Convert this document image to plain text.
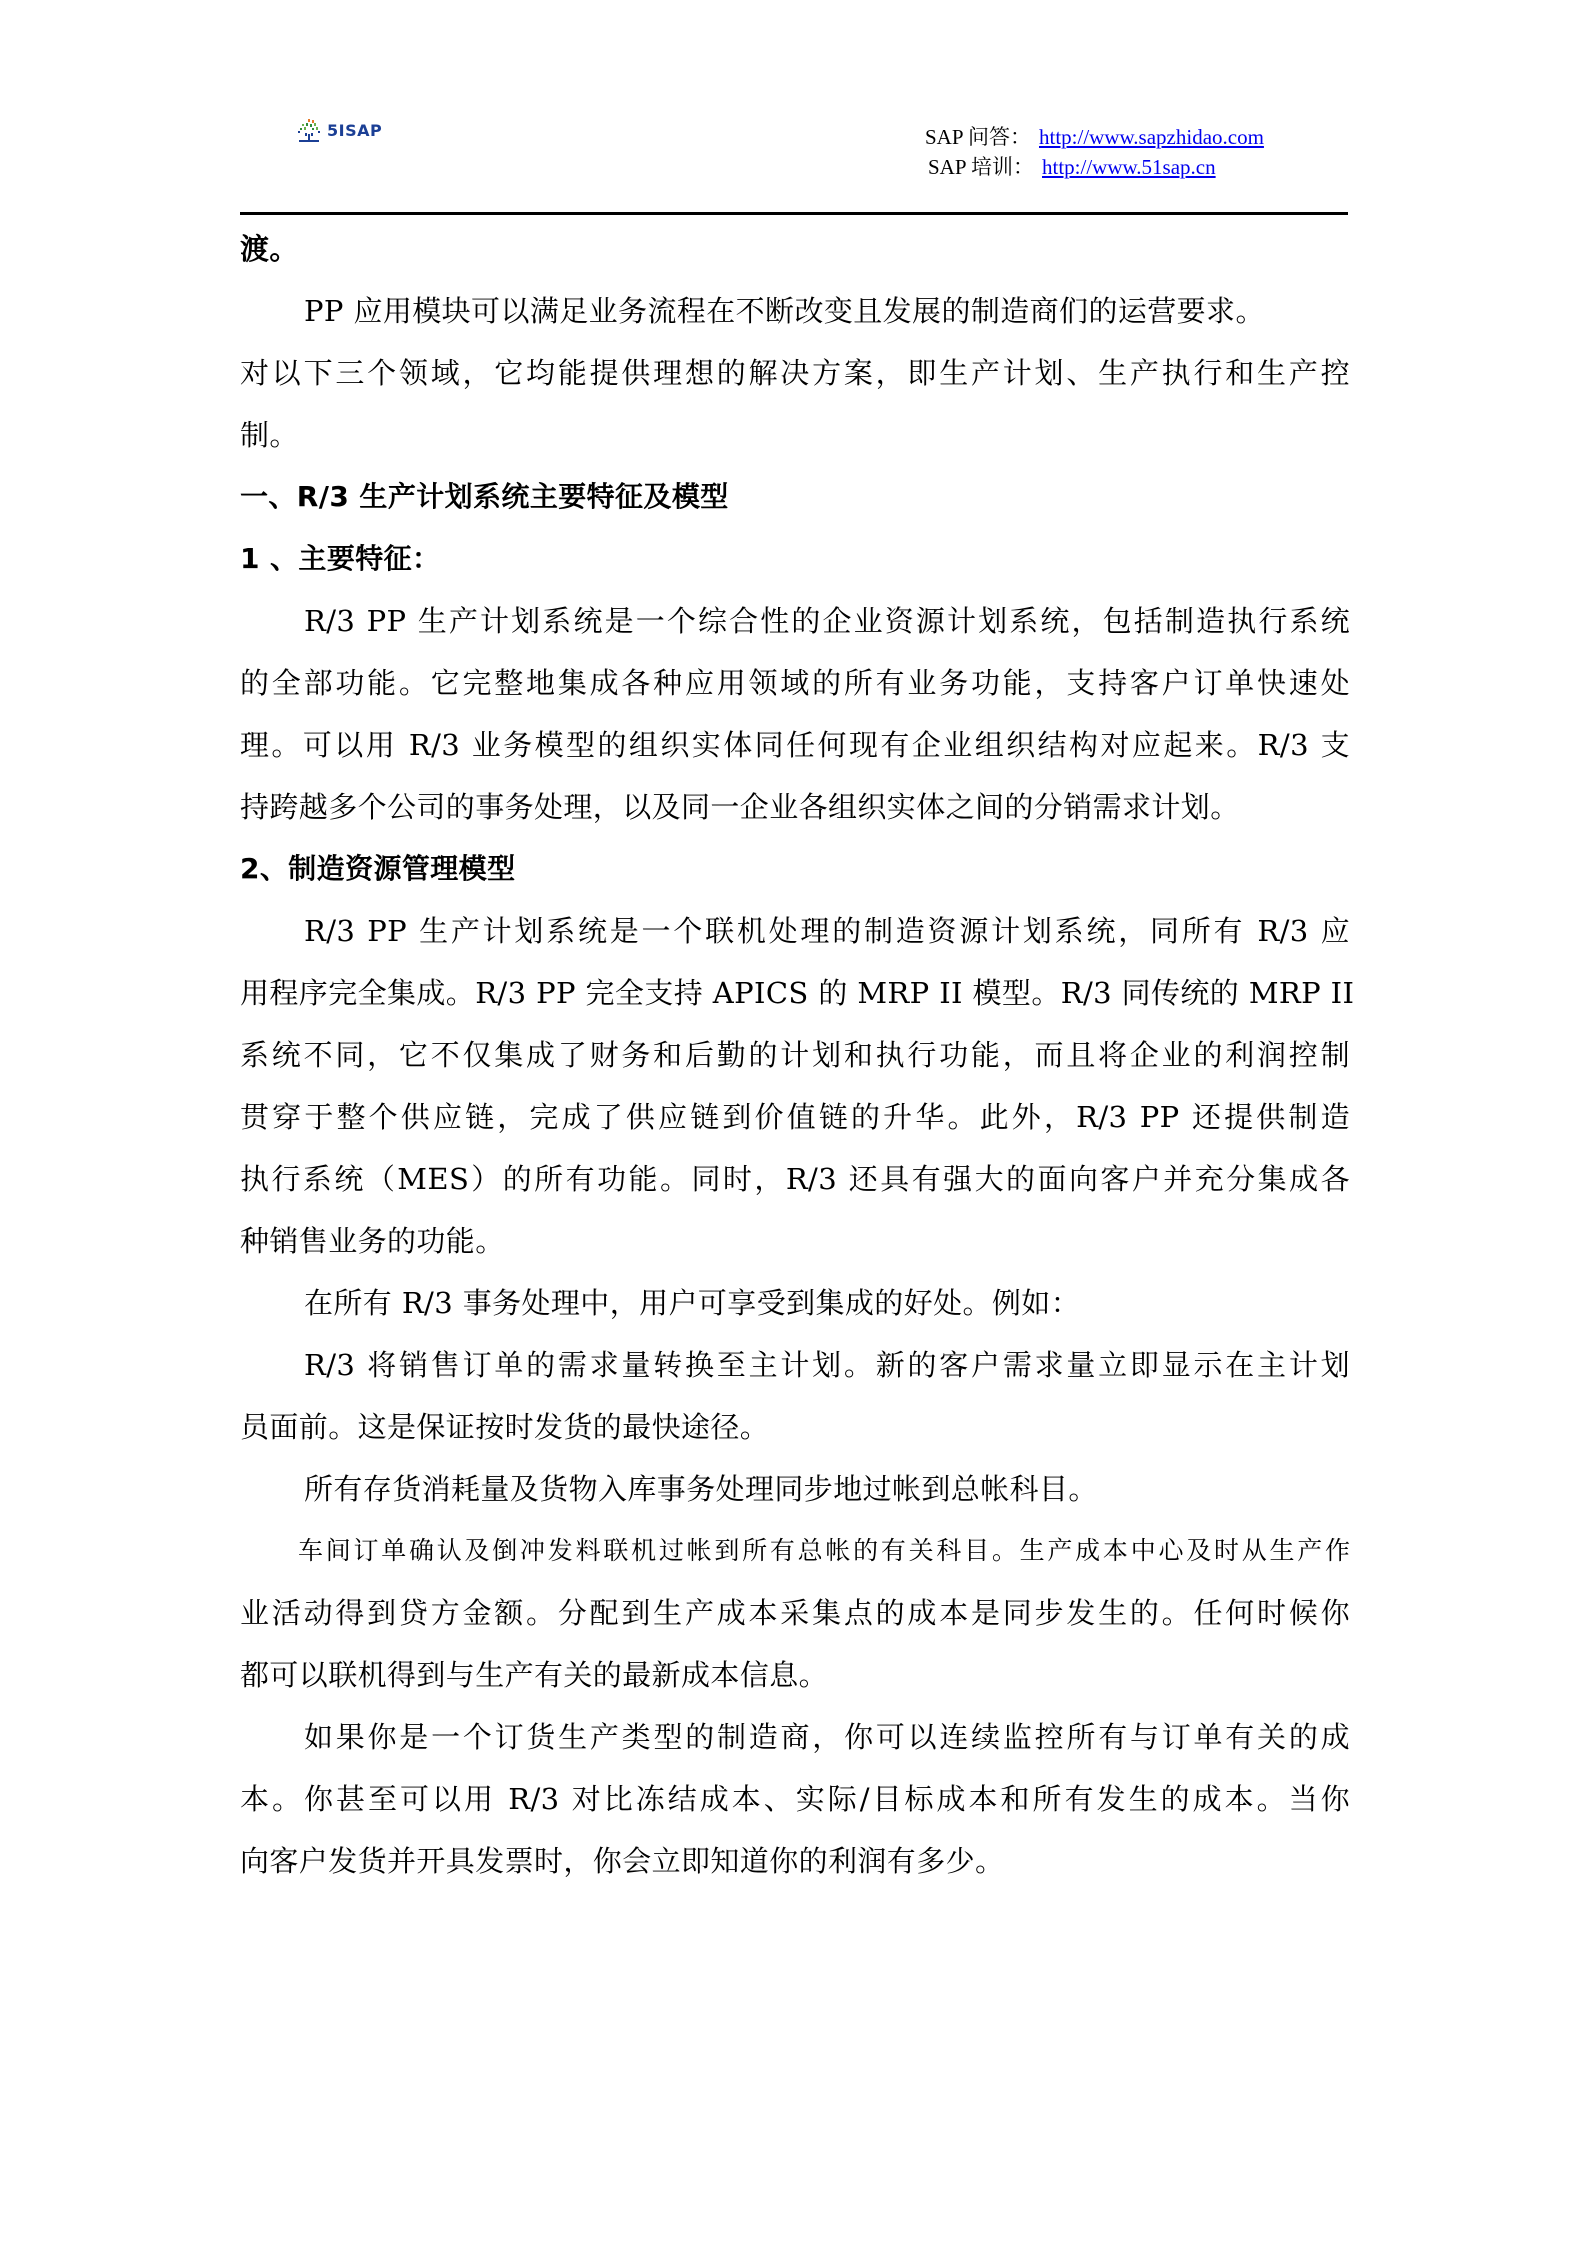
5ISAP	SAP 问答： http://www.sapzhidao.com
SAP 培训： http://www.51sap.cn
渡。
PP 应用模块可以满足业务流程在不断改变且发展的制造商们的运营要求。
对以下三个领域，它均能提供理想的解决方案，即生产计划、生产执行和生产控
制。
一、R/3 生产计划系统主要特征及模型
1 、主要特征：
R/3 PP 生产计划系统是一个综合性的企业资源计划系统，包括制造执行系统
的全部功能。它完整地集成各种应用领域的所有业务功能，支持客户订单快速处
理。可以用 R/3 业务模型的组织实体同任何现有企业组织结构对应起来。R/3 支
持跨越多个公司的事务处理，以及同一企业各组织实体之间的分销需求计划。
2、制造资源管理模型
R/3 PP 生产计划系统是一个联机处理的制造资源计划系统，同所有 R/3 应
用程序完全集成。R/3 PP 完全支持 APICS 的 MRP II 模型。R/3 同传统的 MRP II
系统不同，它不仅集成了财务和后勤的计划和执行功能，而且将企业的利润控制
贯穿于整个供应链，完成了供应链到价值链的升华。此外，R/3 PP 还提供制造
执行系统（MES）的所有功能。同时，R/3 还具有强大的面向客户并充分集成各
种销售业务的功能。
在所有 R/3 事务处理中，用户可享受到集成的好处。例如：
R/3 将销售订单的需求量转换至主计划。新的客户需求量立即显示在主计划
员面前。这是保证按时发货的最快途径。
所有存货消耗量及货物入库事务处理同步地过帐到总帐科目。
车间订单确认及倒冲发料联机过帐到所有总帐的有关科目。生产成本中心及时从生产作
业活动得到贷方金额。分配到生产成本采集点的成本是同步发生的。任何时候你
都可以联机得到与生产有关的最新成本信息。
如果你是一个订货生产类型的制造商，你可以连续监控所有与订单有关的成
本。你甚至可以用 R/3 对比冻结成本、实际/目标成本和所有发生的成本。当你
向客户发货并开具发票时，你会立即知道你的利润有多少。
